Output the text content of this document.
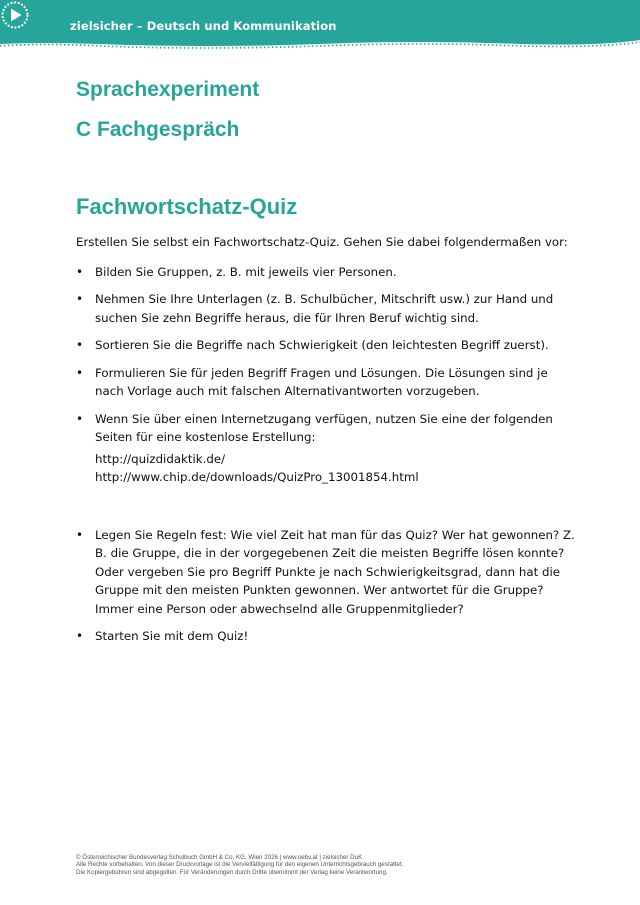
zielsicher – Deutsch und Kommunikation
Sprachexperiment
C Fachgespräch
Fachwortschatz-Quiz

Erstellen Sie selbst ein Fachwortschatz-Quiz. Gehen Sie dabei folgendermaßen vor:

• Bilden Sie Gruppen, z. B. mit jeweils vier Personen.
• Nehmen Sie Ihre Unterlagen (z. B. Schulbücher, Mitschrift usw.) zur Hand und suchen Sie zehn Begriffe heraus, die für Ihren Beruf wichtig sind.
• Sortieren Sie die Begriffe nach Schwierigkeit (den leichtesten Begriff zuerst).
• Formulieren Sie für jeden Begriff Fragen und Lösungen. Die Lösungen sind je nach Vorlage auch mit falschen Alternativantworten vorzugeben.
• Wenn Sie über einen Internetzugang verfügen, nutzen Sie eine der folgenden Seiten für eine kostenlose Erstellung:
http://quizdidaktik.de/
http://www.chip.de/downloads/QuizPro_13001854.html
• Legen Sie Regeln fest: Wie viel Zeit hat man für das Quiz? Wer hat gewonnen? Z. B. die Gruppe, die in der vorgegebenen Zeit die meisten Begriffe lösen konnte? Oder vergeben Sie pro Begriff Punkte je nach Schwierigkeitsgrad, dann hat die Gruppe mit den meisten Punkten gewonnen. Wer antwortet für die Gruppe? Immer eine Person oder abwechselnd alle Gruppenmitglieder?
• Starten Sie mit dem Quiz!
© Österreichischer Bundesverlag Schulbuch GmbH & Co. KG, Wien 2026 | www.oebv.at | zielsicher DuK
Alle Rechte vorbehalten. Von dieser Druckvorlage ist die Vervielfältigung für den eigenen Unterrichtsgebrauch gestattet.
Die Kopiergebühren sind abgegolten. Für Veränderungen durch Dritte übernimmt der Verlag keine Verantwortung.
